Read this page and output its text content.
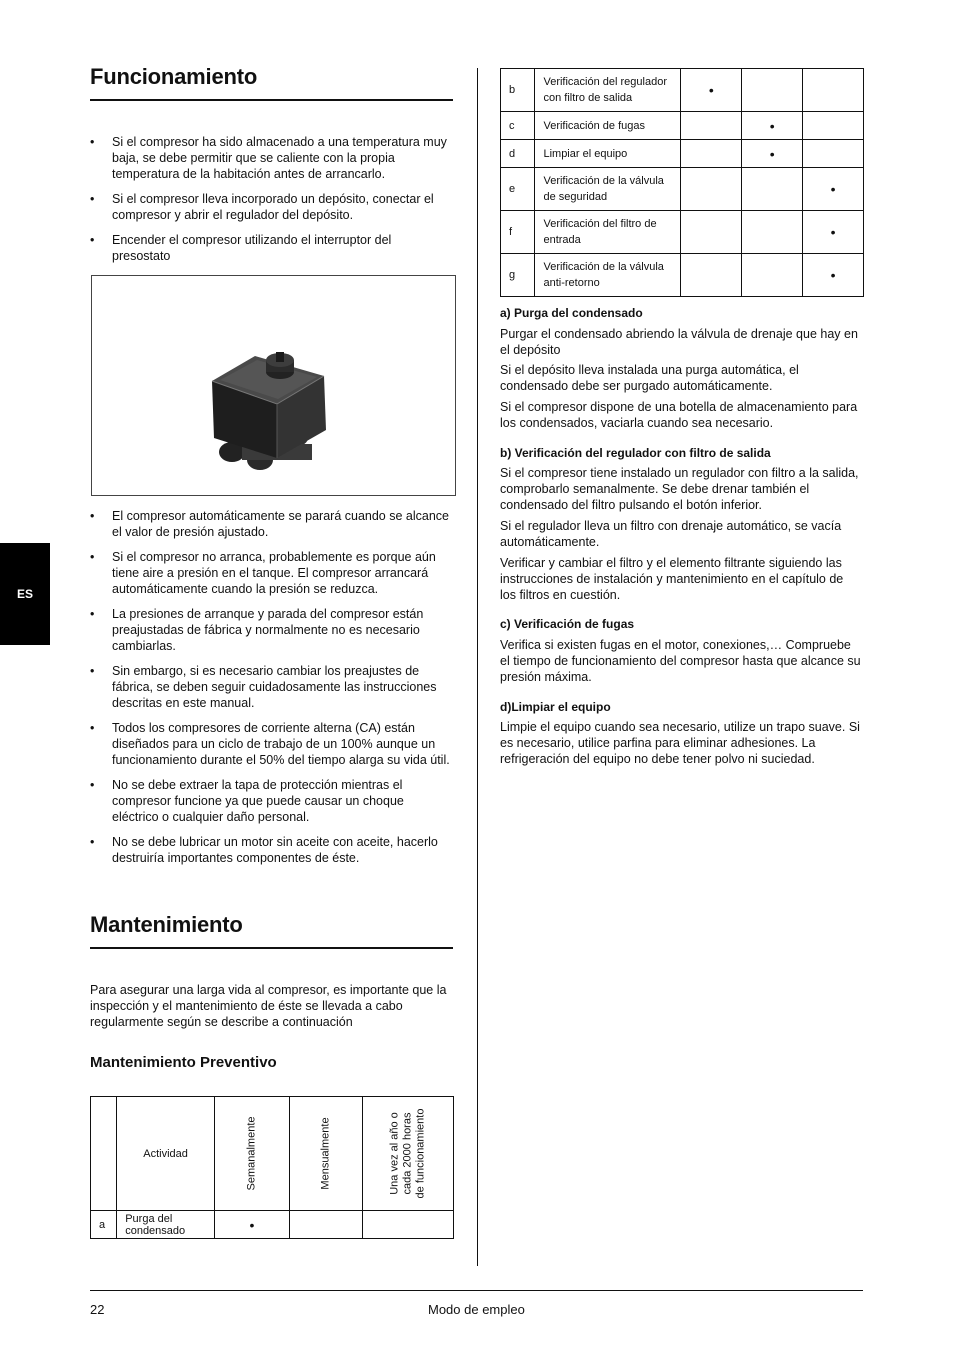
Funcionamiento
• Si el compresor ha sido almacenado a una temperatura muy baja, se debe permitir que se caliente con la propia temperatura de la habitación antes de arrancarlo.
• Si el compresor lleva incorporado un depósito, conectar el compresor y abrir el regulador del depósito.
• Encender el compresor utilizando el interruptor del presostato
• El compresor automáticamente se parará cuando se alcance el valor de presión ajustado.
• Si el compresor no arranca, probablemente es porque aún tiene aire a presión en el tanque. El compresor arrancará automáticamente cuando la presión se reduzca.
• La presiones de arranque y parada del compresor están preajustadas de fábrica y normalmente no es necesario cambiarlas.
• Sin embargo, si es necesario cambiar los preajustes de fábrica, se deben seguir cuidadosamente las instrucciones descritas en este manual.
• Todos los compresores de corriente alterna (CA) están diseñados para un ciclo de trabajo de un 100% aunque un funcionamiento durante el 50% del tiempo alarga su vida útil.
• No se debe extraer la tapa de protección mientras el compresor funcione ya que puede causar un choque eléctrico o cualquier daño personal.
• No se debe lubricar un motor sin aceite con aceite, hacerlo destruiría importantes componentes de éste.
Mantenimiento

Para asegurar una larga vida al compresor, es importante que la inspección y el mantenimiento de éste se llevada a cabo regularmente según se describe a continuación

Mantenimiento Preventivo
	Actividad	Semanalmente	Mensualmente	Una vez al año o
cada 2000 horas
de funcionamiento
a	Purga del condensado	•		
b	Verificación del regulador
con filtro de salida	•		
c	Verificación de fugas		•	
d	Limpiar el equipo		•	
e	Verificación de la válvula
de seguridad			•
f	Verificación del filtro de
entrada			•
g	Verificación de la válvula
anti-retorno			•
a) Purga del condensado

Purgar el condensado abriendo la válvula de drenaje que hay en el depósito

Si el depósito lleva instalada una purga automática, el condensado debe ser purgado automáticamente.

Si el compresor dispone de una botella de almacenamiento para los condensados, vaciarla cuando sea necesario.

b) Verificación del regulador con filtro de salida

Si el compresor tiene instalado un regulador con filtro a la salida, comprobarlo semanalmente. Se debe drenar también el condensado del filtro pulsando el botón inferior.

Si el regulador lleva un filtro con drenaje automático, se vacía automáticamente.

Verificar y cambiar el filtro y el elemento filtrante siguiendo las instrucciones de instalación y mantenimiento en el capítulo de los filtros en cuestión.

c) Verificación de fugas

Verifica si existen fugas en el motor, conexiones,… Compruebe el tiempo de funcionamiento del compresor hasta que alcance su presión máxima.

d)Limpiar el equipo

Limpie el equipo cuando sea necesario, utilize un trapo suave. Si es necesario, utilice parfina para eliminar adhesiones. La refrigeración del equipo no debe tener polvo ni suciedad.

ES
22	Modo de empleo
